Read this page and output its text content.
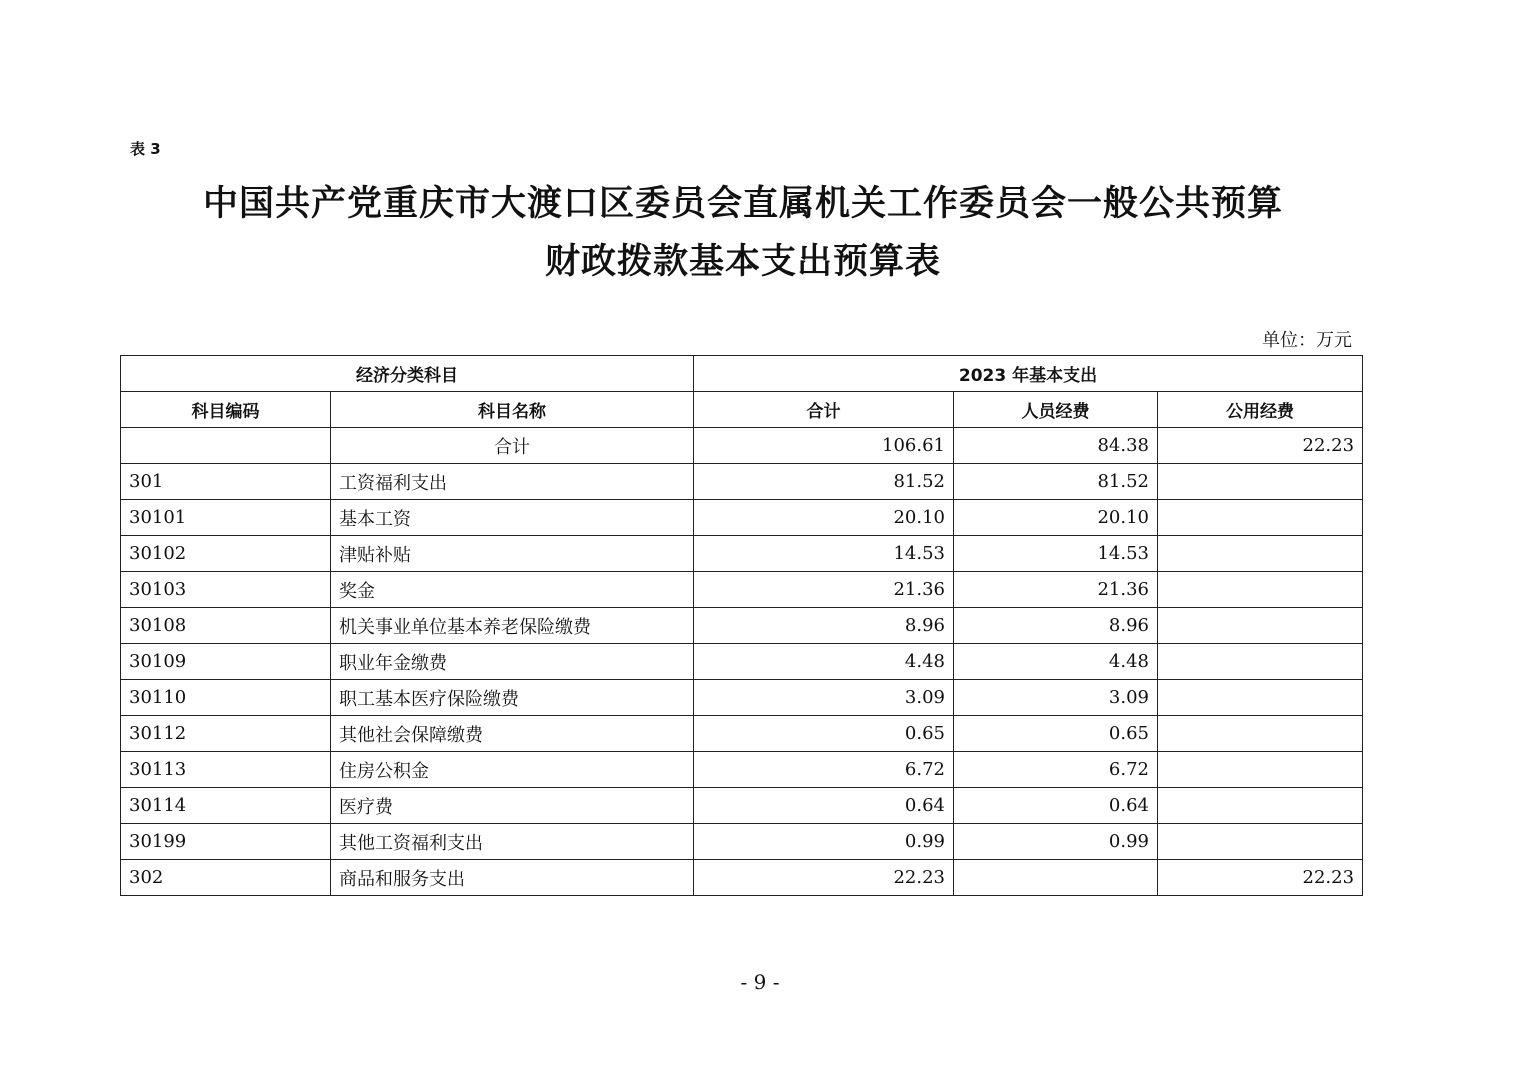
表 3
中国共产党重庆市大渡口区委员会直属机关工作委员会一般公共预算
财政拨款基本支出预算表
单位：万元
经济分类科目		2023 年基本支出		
科目编码	科目名称	合计	人员经费	公用经费
	合计	106.61	84.38	22.23
301	工资福利支出	81.52	81.52	
30101	基本工资	20.10	20.10	
30102	津贴补贴	14.53	14.53	
30103	奖金	21.36	21.36	
30108	机关事业单位基本养老保险缴费	8.96	8.96	
30109	职业年金缴费	4.48	4.48	
30110	职工基本医疗保险缴费	3.09	3.09	
30112	其他社会保障缴费	0.65	0.65	
30113	住房公积金	6.72	6.72	
30114	医疗费	0.64	0.64	
30199	其他工资福利支出	0.99	0.99	
302	商品和服务支出	22.23		22.23
- 9 -
